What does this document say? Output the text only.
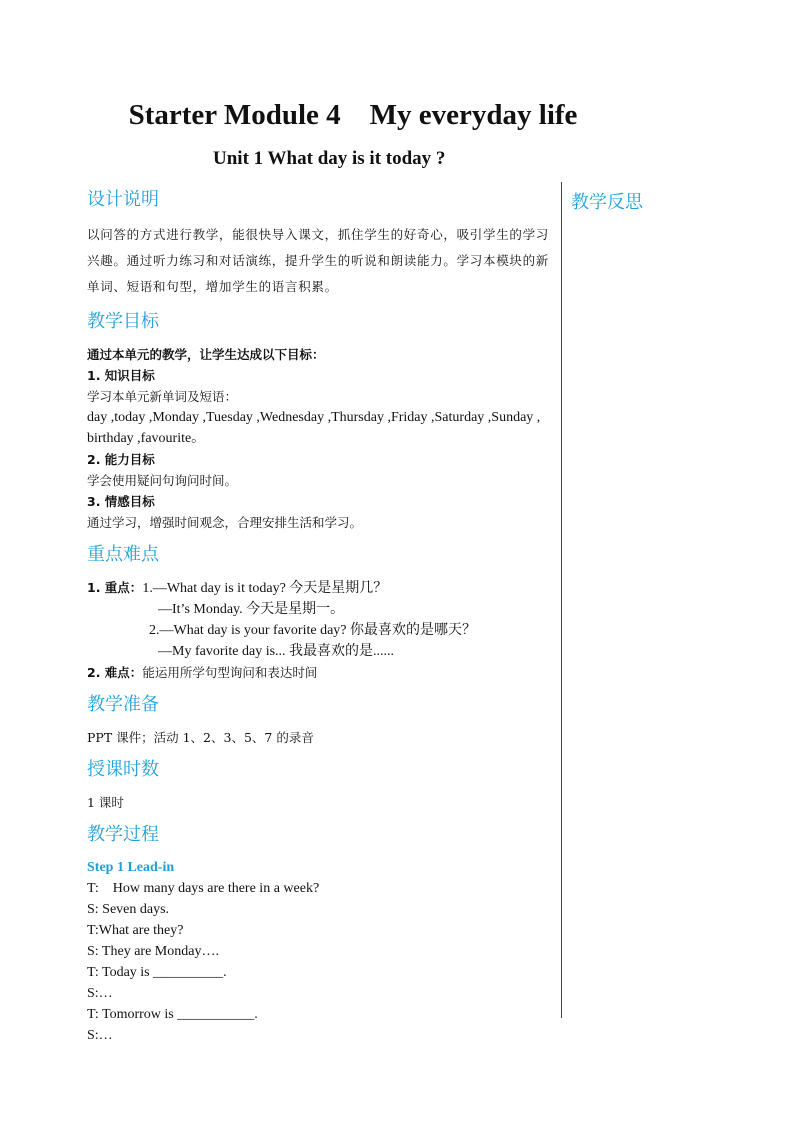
Starter Module 4    My everyday life
Unit 1 What day is it today ?
教学反思
设计说明
以问答的方式进行教学，能很快导入课文，抓住学生的好奇心，吸引学生的学习兴趣。通过听力练习和对话演练，提升学生的听说和朗读能力。学习本模块的新单词、短语和句型，增加学生的语言积累。
教学目标
通过本单元的教学，让学生达成以下目标：
1. 知识目标
学习本单元新单词及短语：
day ,today ,Monday ,Tuesday ,Wednesday ,Thursday ,Friday ,Saturday ,Sunday ,
birthday ,favourite。
2. 能力目标
学会使用疑问句询问时间。
3. 情感目标
通过学习，增强时间观念，合理安排生活和学习。
重点难点
1. 重点：1.—What day is it today? 今天是星期几？
—It’s Monday. 今天是星期一。
2.—What day is your favorite day? 你最喜欢的是哪天？
—My favorite day is... 我最喜欢的是......
2. 难点：能运用所学句型询问和表达时间
教学准备
PPT 课件；活动 1、2、3、5、7 的录音
授课时数
1 课时
教学过程
Step 1 Lead-in
T:    How many days are there in a week?
S: Seven days.
T:What are they?
S: They are Monday….
T: Today is __________.
S:…
T: Tomorrow is ___________.
S:…
